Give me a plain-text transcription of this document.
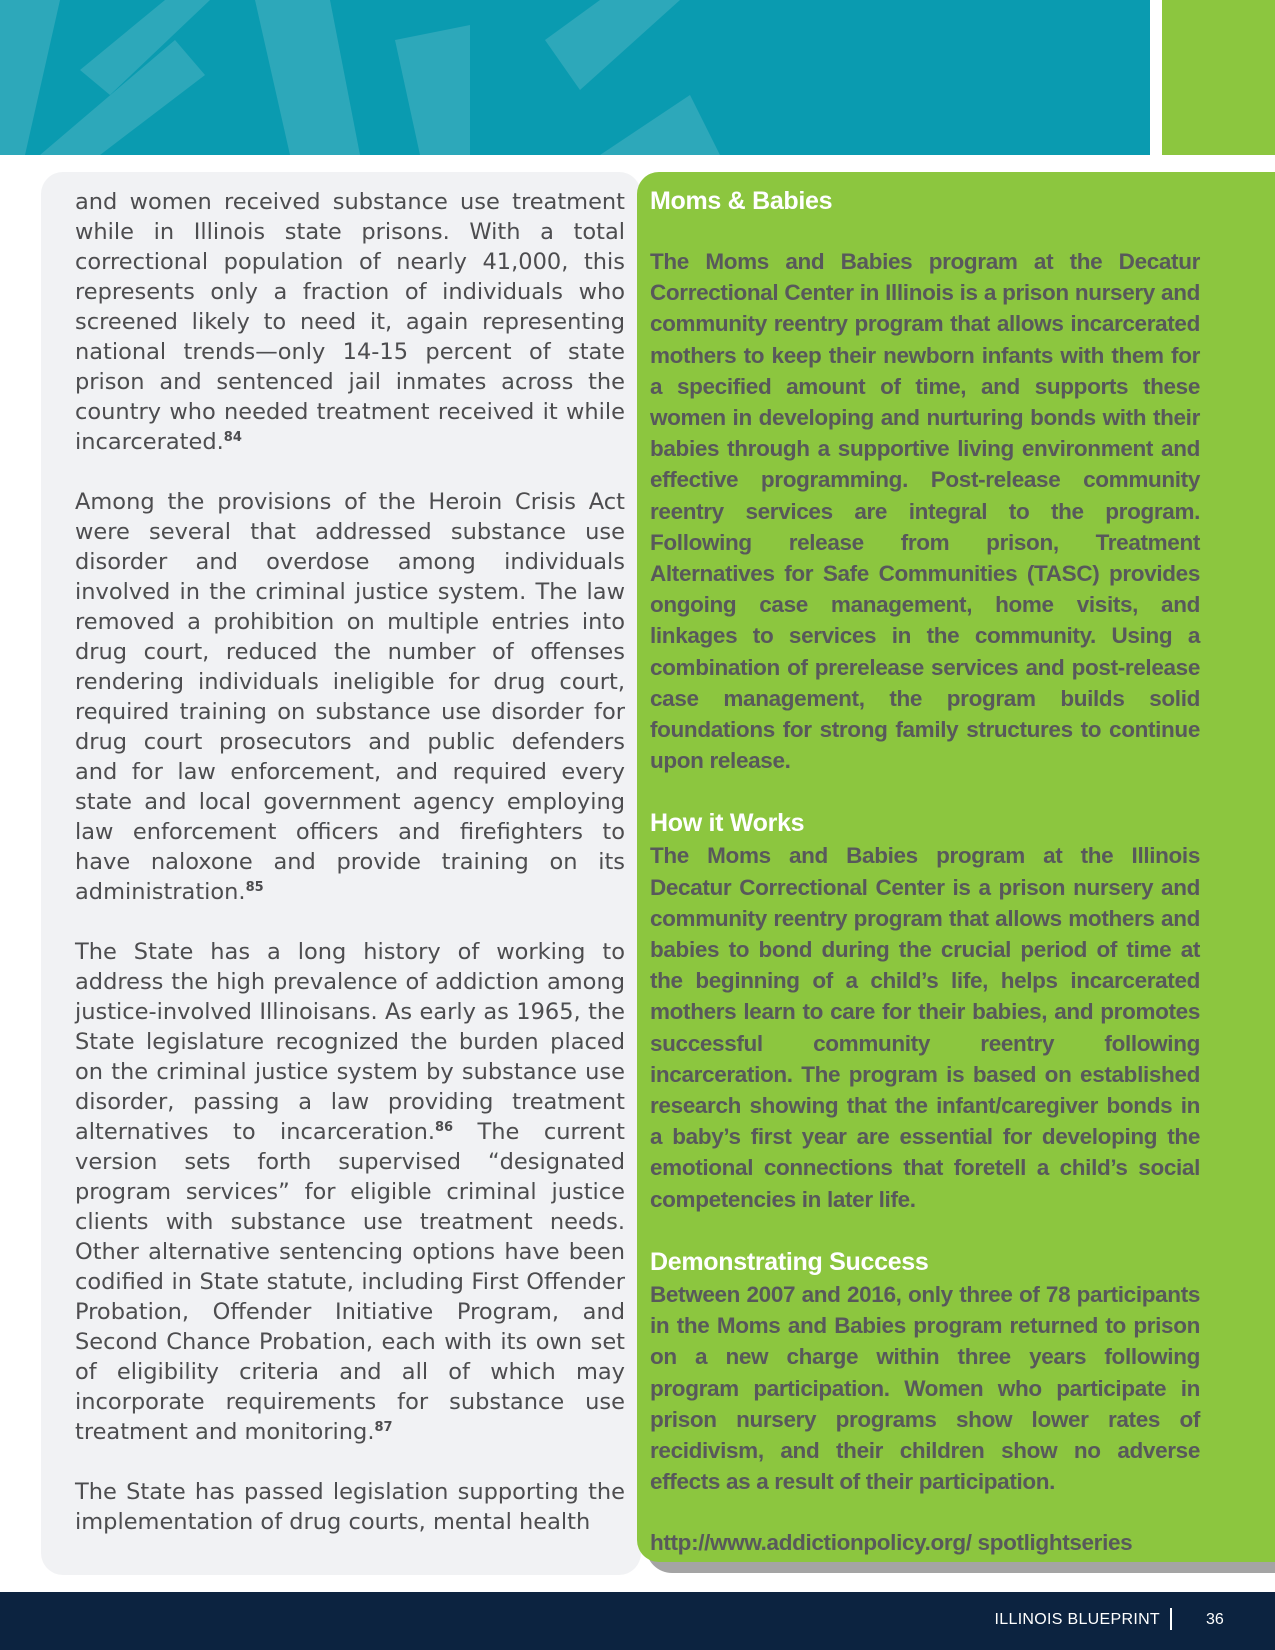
and women received substance use treatment while in Illinois state prisons. With a total correctional population of nearly 41,000, this represents only a fraction of individuals who screened likely to need it, again representing national trends—only 14-15 percent of state prison and sentenced jail inmates across the country who needed treatment received it while incarcerated.$^{84}$

Among the provisions of the Heroin Crisis Act were several that addressed substance use disorder and overdose among individuals involved in the criminal justice system. The law removed a prohibition on multiple entries into drug court, reduced the number of offenses rendering individuals ineligible for drug court, required training on substance use disorder for drug court prosecutors and public defenders and for law enforcement, and required every state and local government agency employing law enforcement officers and firefighters to have naloxone and provide training on its administration.$^{85}$

The State has a long history of working to address the high prevalence of addiction among justice-involved Illinoisans. As early as 1965, the State legislature recognized the burden placed on the criminal justice system by substance use disorder, passing a law providing treatment alternatives to incarceration.$^{86}$ The current version sets forth supervised “designated program services” for eligible criminal justice clients with substance use treatment needs. Other alternative sentencing options have been codified in State statute, including First Offender Probation, Offender Initiative Program, and Second Chance Probation, each with its own set of eligibility criteria and all of which may incorporate requirements for substance use treatment and monitoring.$^{87}$

The State has passed legislation supporting the implementation of drug courts, mental health

Moms & Babies

The Moms and Babies program at the Decatur Correctional Center in Illinois is a prison nursery and community reentry program that allows incarcerated mothers to keep their newborn infants with them for a specified amount of time, and supports these women in developing and nurturing bonds with their babies through a supportive living environment and effective programming. Post-release community reentry services are integral to the program. Following release from prison, Treatment Alternatives for Safe Communities (TASC) provides ongoing case management, home visits, and linkages to services in the community. Using a combination of prerelease services and post-release case management, the program builds solid foundations for strong family structures to continue upon release.

How it Works

The Moms and Babies program at the Illinois Decatur Correctional Center is a prison nursery and community reentry program that allows mothers and babies to bond during the crucial period of time at the beginning of a child’s life, helps incarcerated mothers learn to care for their babies, and promotes successful community reentry following incarceration. The program is based on established research showing that the infant/caregiver bonds in a baby’s first year are essential for developing the emotional connections that foretell a child’s social competencies in later life.

Demonstrating Success

Between 2007 and 2016, only three of 78 participants in the Moms and Babies program returned to prison on a new charge within three years following program participation. Women who participate in prison nursery programs show lower rates of recidivism, and their children show no adverse effects as a result of their participation.

http://www.addictionpolicy.org/ spotlightseries

ILLINOIS BLUEPRINT	36
